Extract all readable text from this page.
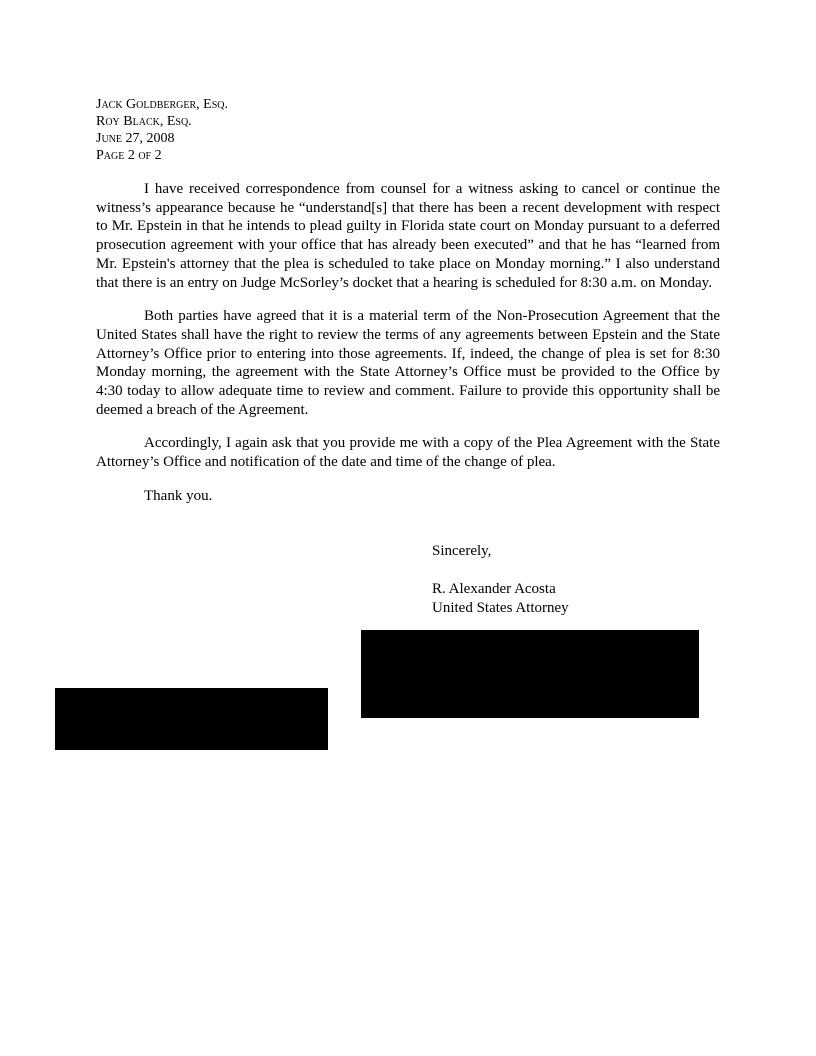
Jack Goldberger, Esq.
Roy Black, Esq.
June 27, 2008
Page 2 of 2

I have received correspondence from counsel for a witness asking to cancel or continue the witness’s appearance because he “understand[s] that there has been a recent development with respect to Mr. Epstein in that he intends to plead guilty in Florida state court on Monday pursuant to a deferred prosecution agreement with your office that has already been executed” and that he has “learned from Mr. Epstein's attorney that the plea is scheduled to take place on Monday morning.” I also understand that there is an entry on Judge McSorley’s docket that a hearing is scheduled for 8:30 a.m. on Monday.

Both parties have agreed that it is a material term of the Non-Prosecution Agreement that the United States shall have the right to review the terms of any agreements between Epstein and the State Attorney’s Office prior to entering into those agreements. If, indeed, the change of plea is set for 8:30 Monday morning, the agreement with the State Attorney’s Office must be provided to the Office by 4:30 today to allow adequate time to review and comment. Failure to provide this opportunity shall be deemed a breach of the Agreement.

Accordingly, I again ask that you provide me with a copy of the Plea Agreement with the State Attorney’s Office and notification of the date and time of the change of plea.

Thank you.

Sincerely,
R. Alexander Acosta
United States Attorney
